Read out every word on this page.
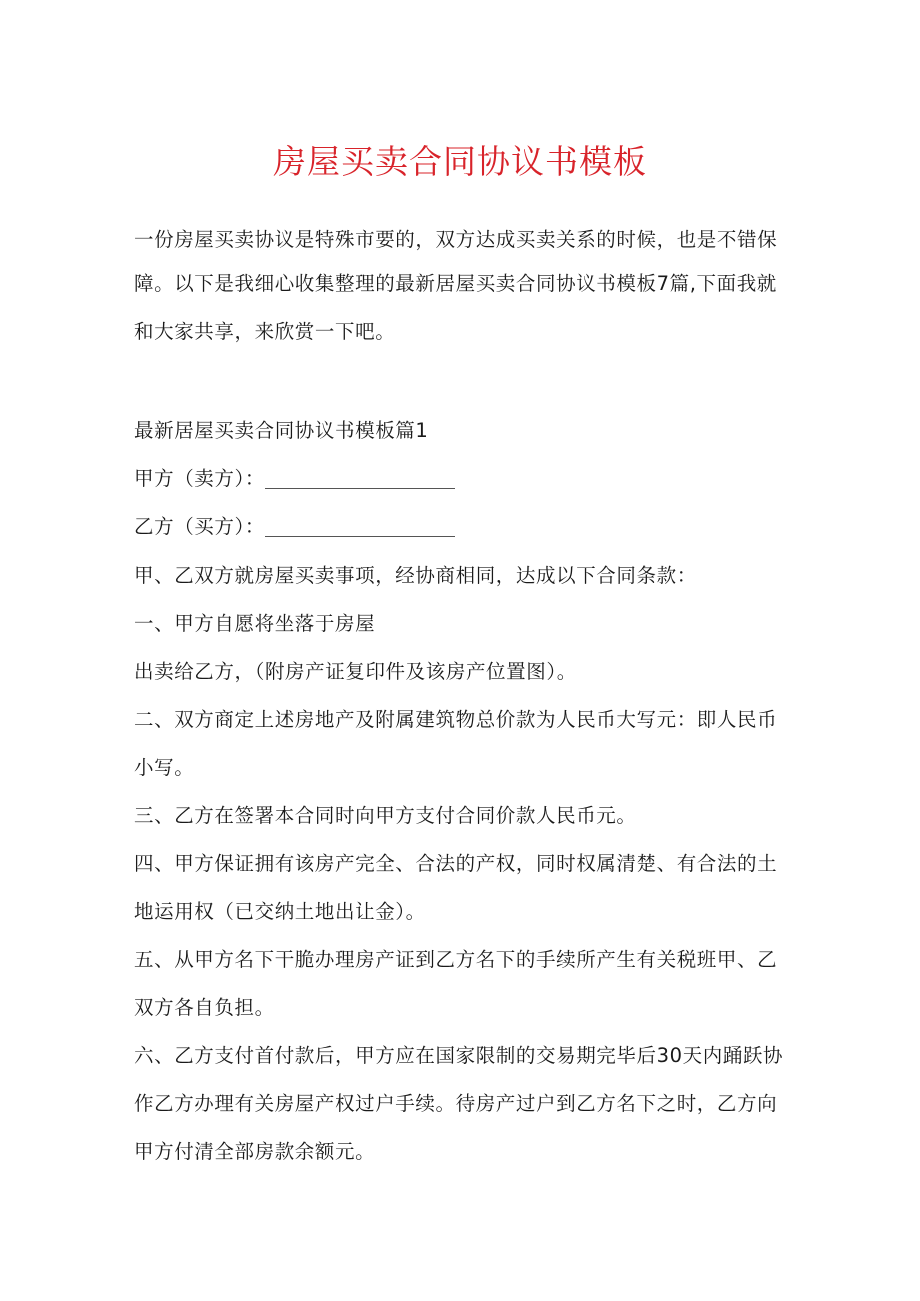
房屋买卖合同协议书模板
一份房屋买卖协议是特殊市要的，双方达成买卖关系的时候，也是不错保
障。以下是我细心收集整理的最新居屋买卖合同协议书模板7篇,下面我就
和大家共享，来欣赏一下吧。
最新居屋买卖合同协议书模板篇1
甲方（卖方）：
乙方（买方）：
甲、乙双方就房屋买卖事项，经协商相同，达成以下合同条款：
一、甲方自愿将坐落于房屋
出卖给乙方，（附房产证复印件及该房产位置图）。
二、双方商定上述房地产及附属建筑物总价款为人民币大写元：即人民币
小写。
三、乙方在签署本合同时向甲方支付合同价款人民币元。
四、甲方保证拥有该房产完全、合法的产权，同时权属清楚、有合法的土
地运用权（已交纳土地出让金）。
五、从甲方名下干脆办理房产证到乙方名下的手续所产生有关税班甲、乙
双方各自负担。
六、乙方支付首付款后，甲方应在国家限制的交易期完毕后30天内踊跃协
作乙方办理有关房屋产权过户手续。待房产过户到乙方名下之时，乙方向
甲方付清全部房款余额元。
